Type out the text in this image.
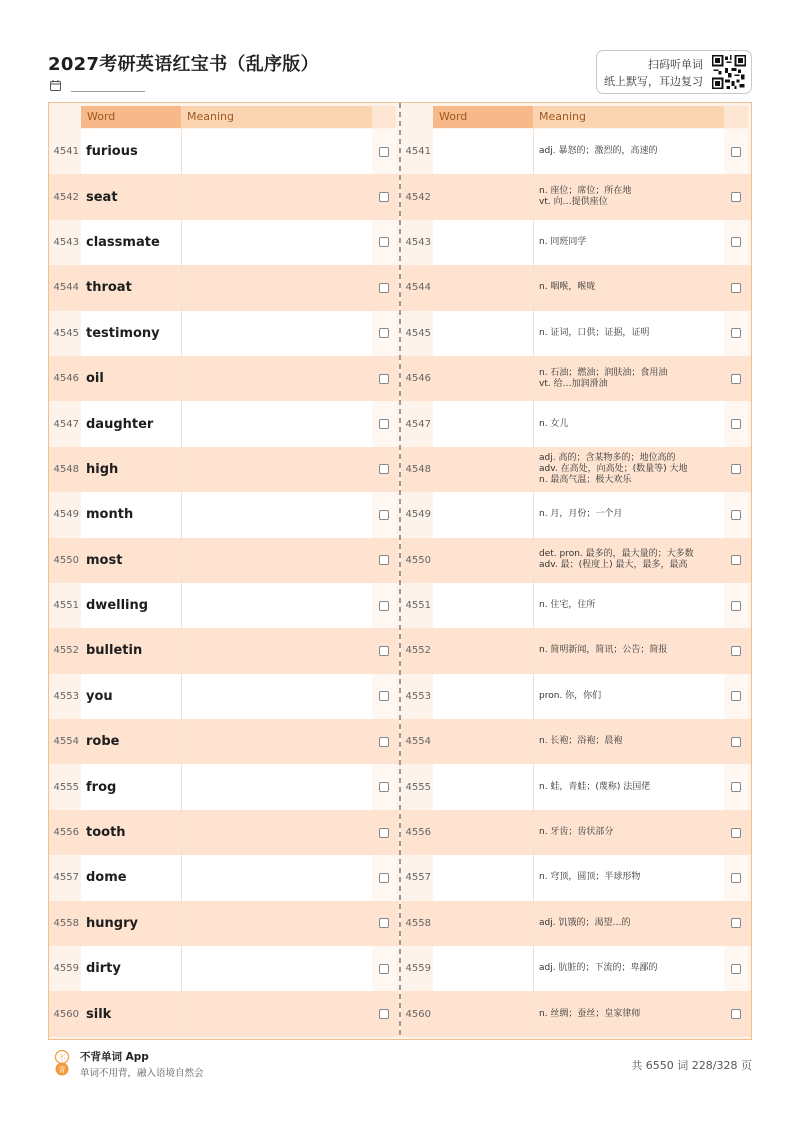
2027考研英语红宝书（乱序版）	扫码听单词
纸上默写，耳边复习
Word	Meaning
4541 furious
4542 seat
4543 classmate
4544 throat
4545 testimony
4546 oil
4547 daughter
4548 high
4549 month
4550 most
4551 dwelling
4552 bulletin
4553 you
4554 robe
4555 frog
4556 tooth
4557 dome
4558 hungry
4559 dirty
4560 silk
Word	Meaning
4541	adj. 暴怒的；激烈的，高速的
4542
n. 座位；席位；所在地
vt. 向…提供座位
4543	n. 同班同学
4544	n. 咽喉，喉咙
4545	n. 证词，口供；证据，证明
4546
n. 石油；燃油；润肤油；食用油
vt. 给…加润滑油
4547	n. 女儿
4548
adj. 高的；含某物多的；地位高的
adv. 在高处，向高处；(数量等) 大地
n. 最高气温；极大欢乐
4549	n. 月，月份；一个月
4550
det. pron. 最多的，最大量的；大多数
adv. 最；(程度上) 最大，最多，最高
4551	n. 住宅，住所
4552	n. 简明新闻，简讯；公告；简报
4553	pron. 你，你们
4554	n. 长袍；浴袍；晨袍
4555	n. 蛙，青蛙；(蔑称) 法国佬
4556	n. 牙齿；齿状部分
4557	n. 穹顶，圆顶；半球形物
4558	adj. 饥饿的；渴望…的
4559	adj. 肮脏的；下流的；卑鄙的
4560	n. 丝绸；蚕丝；皇家律师
不
背
不背单词 App
单词不用背，融入语境自然会
共 6550 词 228/328 页
